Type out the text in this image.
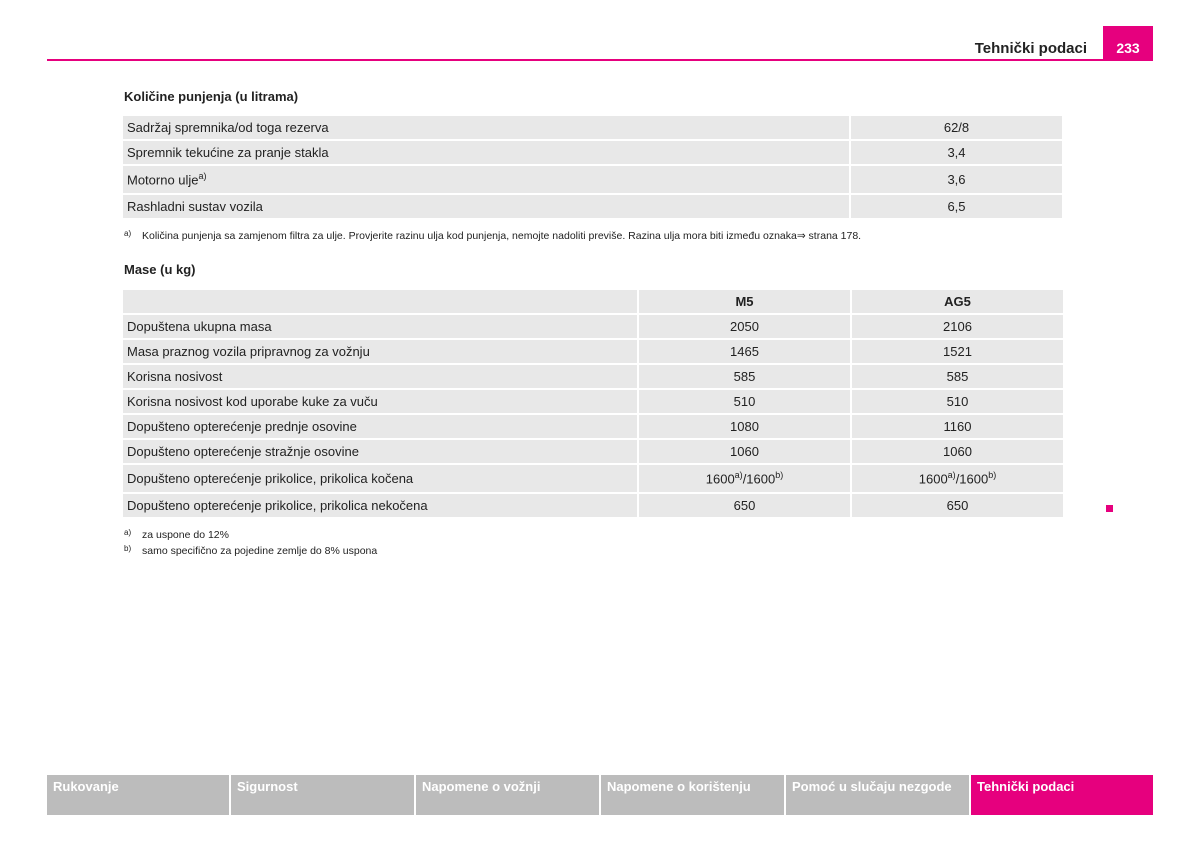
Tehnički podaci	233
Količine punjenja (u litrama)
Sadržaj spremnika/od toga rezerva	62/8
Spremnik tekućine za pranje stakla	3,4
Motorno ulje$^{a)}$	3,6
Rashladni sustav vozila	6,5
a) Količina punjenja sa zamjenom filtra za ulje. Provjerite razinu ulja kod punjenja, nemojte nadoliti previše. Razina ulja mora biti između oznaka⇒ strana 178.
Mase (u kg)
	M5	AG5
Dopuštena ukupna masa	2050	2106
Masa praznog vozila pripravnog za vožnju	1465	1521
Korisna nosivost	585	585
Korisna nosivost kod uporabe kuke za vuču	510	510
Dopušteno opterećenje prednje osovine	1080	1160
Dopušteno opterećenje stražnje osovine	1060	1060
Dopušteno opterećenje prikolice, prikolica kočena	1600$^{a)}$/1600$^{b)}$	1600$^{a)}$/1600$^{b)}$
Dopušteno opterećenje prikolice, prikolica nekočena	650	650
a) za uspone do 12%
b) samo specifično za pojedine zemlje do 8% uspona
Rukovanje	Sigurnost	Napomene o vožnji	Napomene o korištenju	Pomoć u slučaju nezgode	Tehnički podaci
